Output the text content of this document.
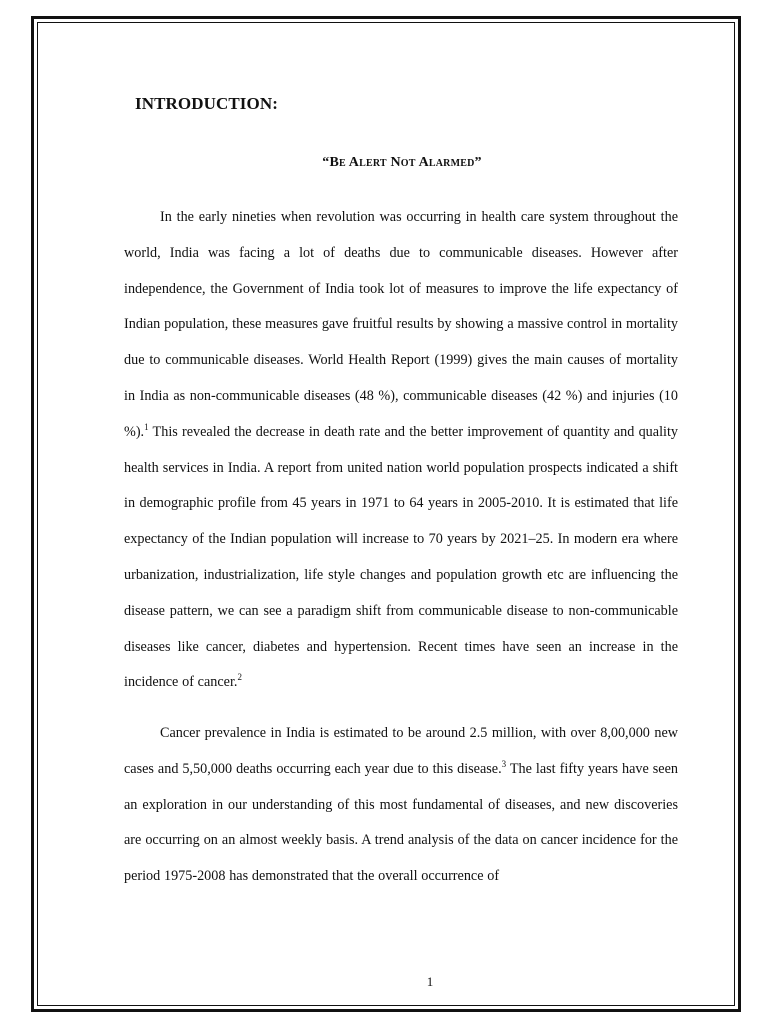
INTRODUCTION:

“Be Alert Not Alarmed”

In the early nineties when revolution was occurring in health care system throughout the world, India was facing a lot of deaths due to communicable diseases. However after independence, the Government of India took lot of measures to improve the life expectancy of Indian population, these measures gave fruitful results by showing a massive control in mortality due to communicable diseases. World Health Report (1999) gives the main causes of mortality in India as non-communicable diseases (48 %), communicable diseases (42 %) and injuries (10 %).$^1$ This revealed the decrease in death rate and the better improvement of quantity and quality health services in India. A report from united nation world population prospects indicated a shift in demographic profile from 45 years in 1971 to 64 years in 2005-2010. It is estimated that life expectancy of the Indian population will increase to 70 years by 2021–25. In modern era where urbanization, industrialization, life style changes and population growth etc are influencing the disease pattern, we can see a paradigm shift from communicable disease to non-communicable diseases like cancer, diabetes and hypertension. Recent times have seen an increase in the incidence of cancer.$^2$

Cancer prevalence in India is estimated to be around 2.5 million, with over 8,00,000 new cases and 5,50,000 deaths occurring each year due to this disease.$^3$ The last fifty years have seen an exploration in our understanding of this most fundamental of diseases, and new discoveries are occurring on an almost weekly basis. A trend analysis of the data on cancer incidence for the period 1975-2008 has demonstrated that the overall occurrence of

1
